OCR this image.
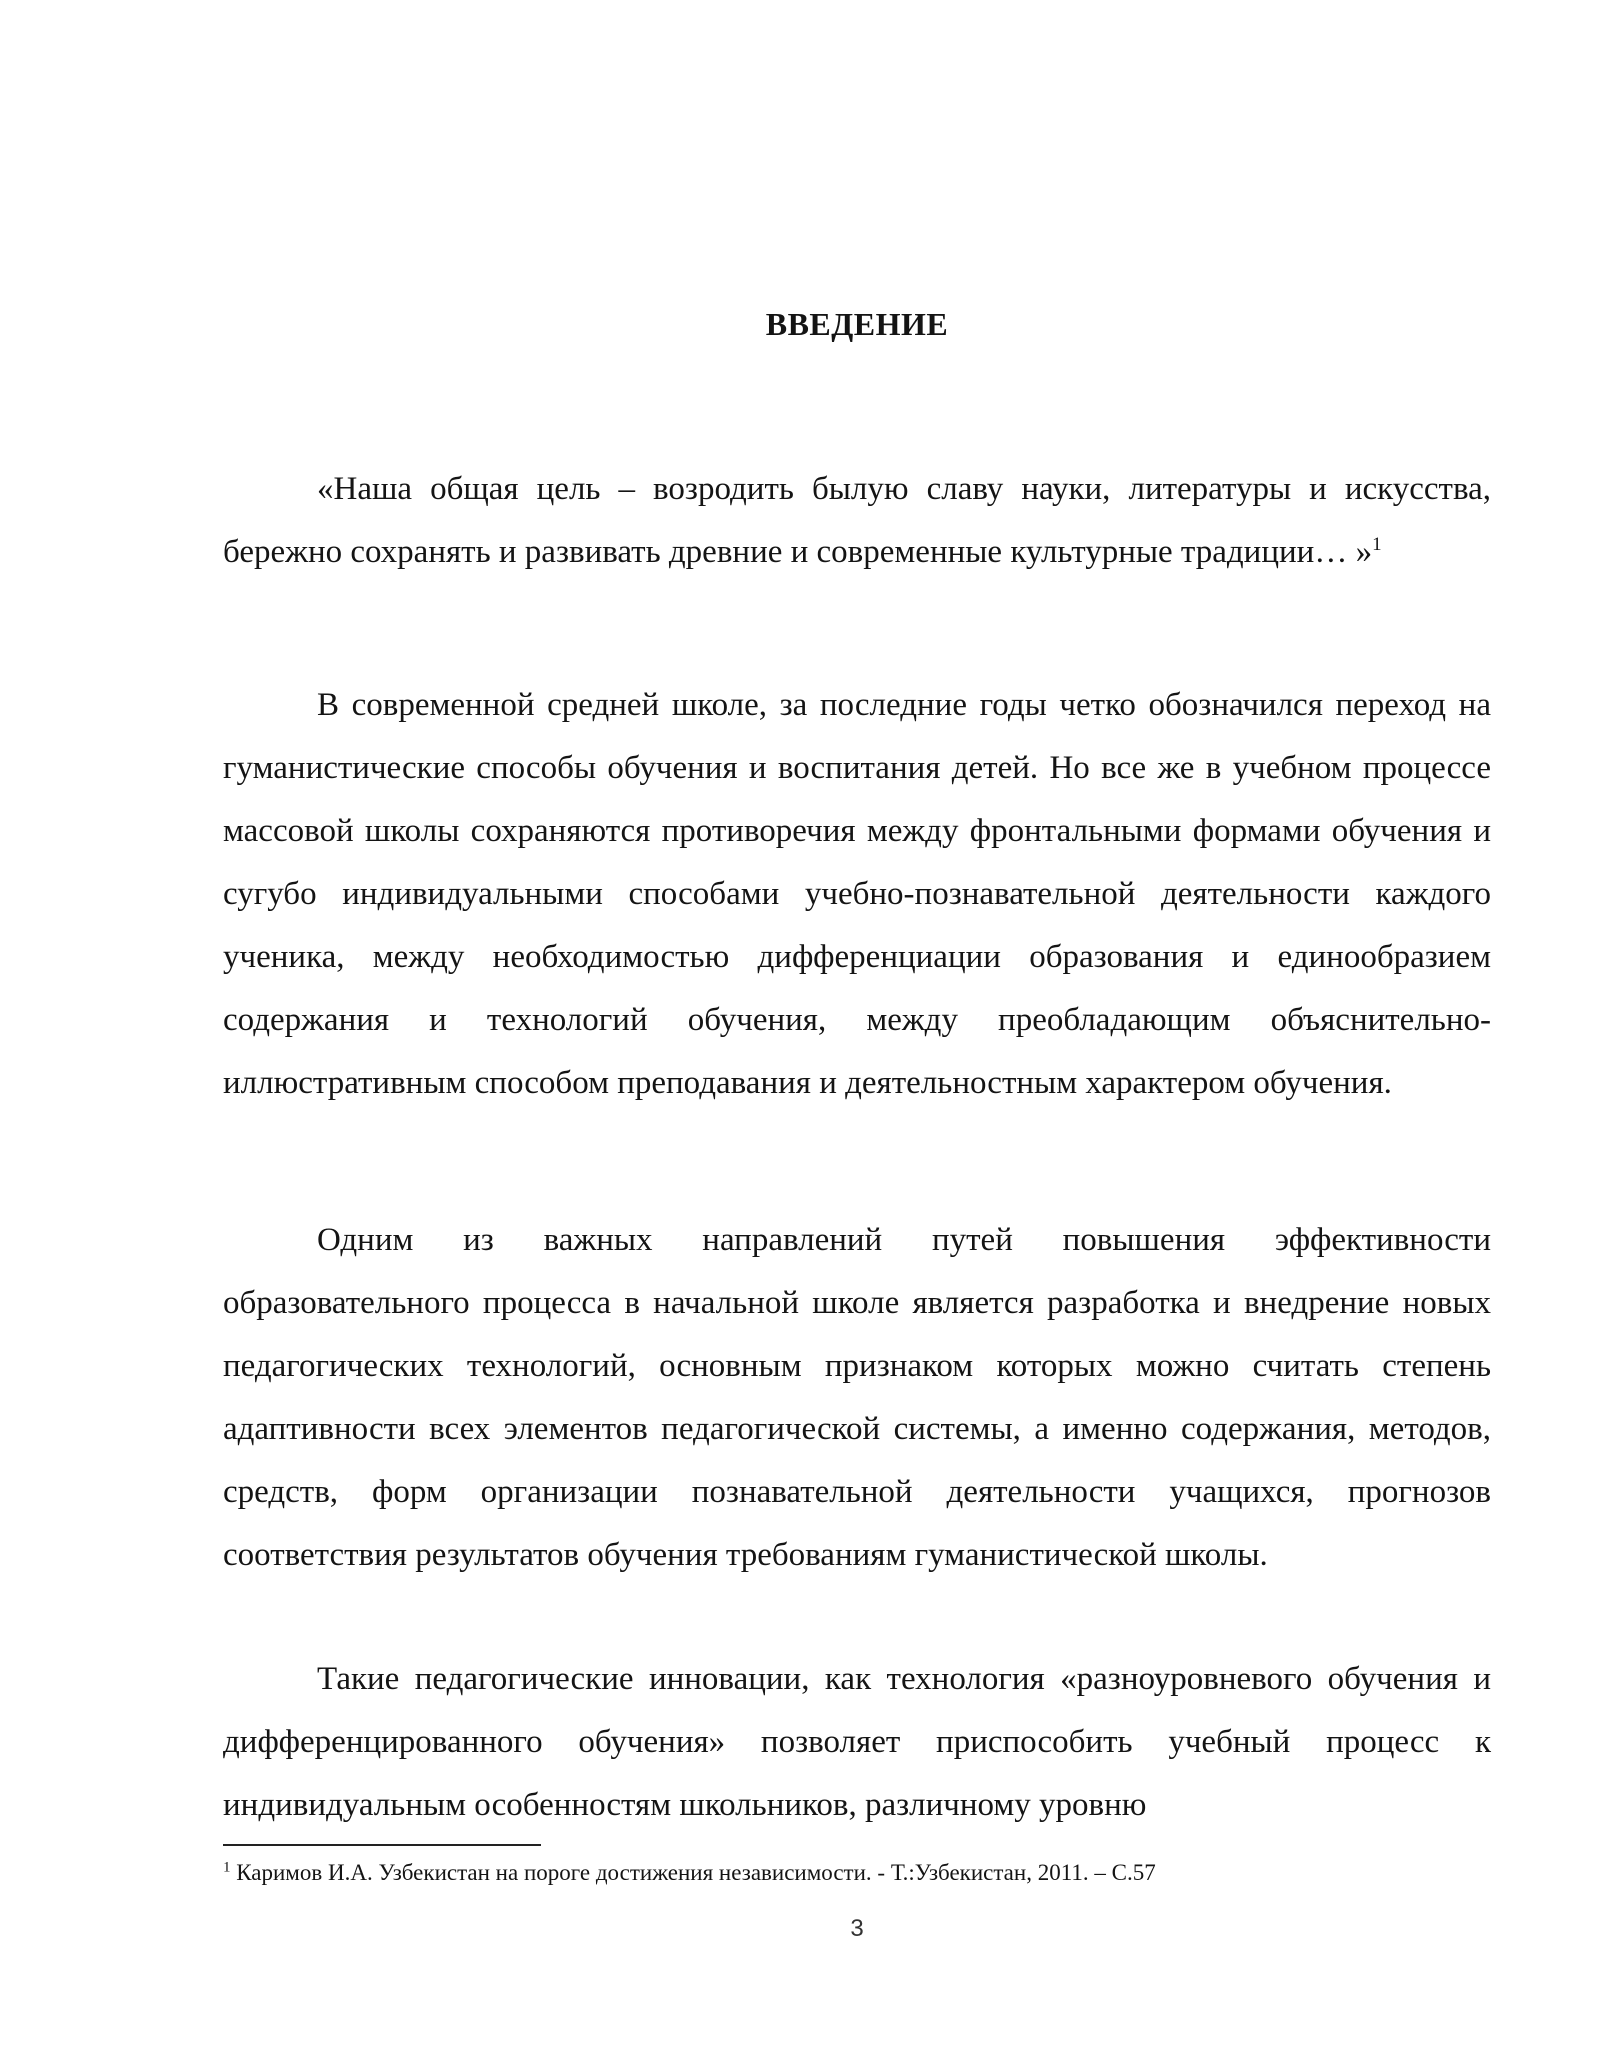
ВВЕДЕНИЕ

«Наша общая цель – возродить былую славу науки, литературы и искусства, бережно сохранять и развивать древние и современные культурные традиции… »$^1$

В современной средней школе, за последние годы четко обозначился переход на гуманистические способы обучения и воспитания детей. Но все же в учебном процессе массовой школы сохраняются противоречия между фронтальными формами обучения и сугубо индивидуальными способами учебно-познавательной деятельности каждого ученика, между необходимостью дифференциации образования и единообразием содержания и технологий обучения, между преобладающим объяснительно-иллюстративным способом преподавания и деятельностным характером обучения.

Одним из важных направлений путей повышения эффективности образовательного процесса в начальной школе является разработка и внедрение новых педагогических технологий, основным признаком которых можно считать степень адаптивности всех элементов педагогической системы, а именно содержания, методов, средств, форм организации познавательной деятельности учащихся, прогнозов соответствия результатов обучения требованиям гуманистической школы.

Такие педагогические инновации, как технология «разноуровневого обучения и дифференцированного обучения» позволяет приспособить учебный процесс к индивидуальным особенностям школьников, различному уровню

$^1$ Каримов И.А. Узбекистан на пороге достижения независимости. - Т.:Узбекистан, 2011. – С.57

3
